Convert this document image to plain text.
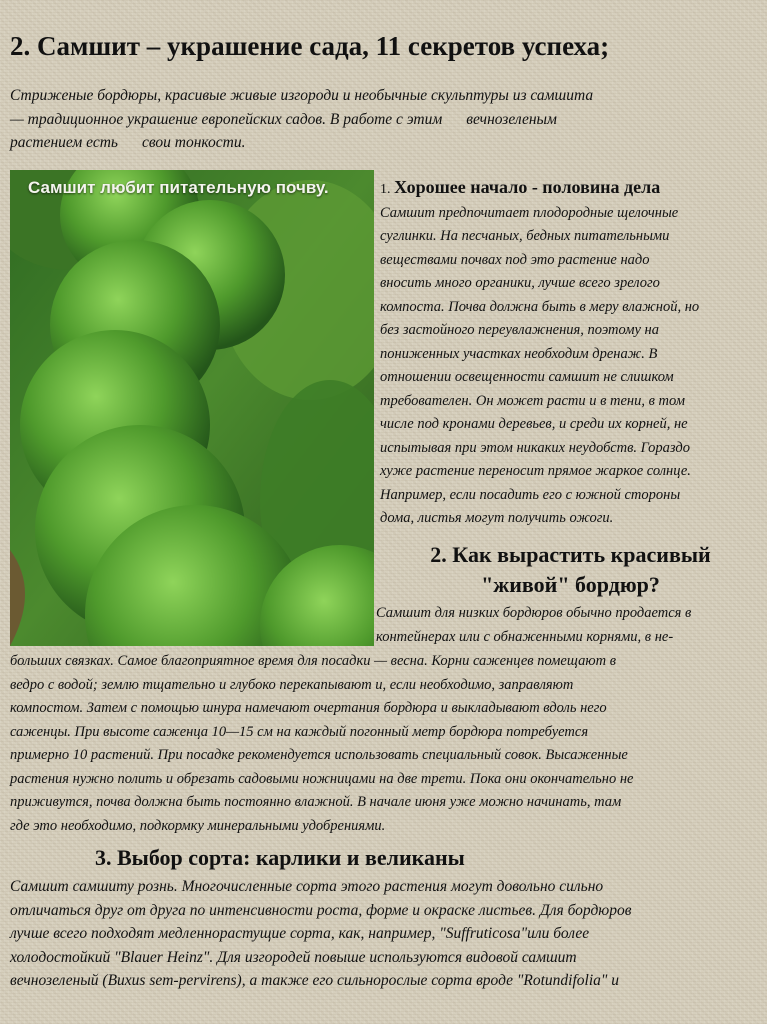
2. Самшит – украшение сада, 11 секретов успеха;
Стриженые бордюры, красивые живые изгороди и необычные скульптуры из самшита
— традиционное украшение европейских садов. В работе с этим вечнозеленым
растением есть свои тонкости.
Самшит любит питательную почву.	1. Хорошее начало - половина дела
Самшит предпочитает плодородные щелочные
суглинки. На песчаных, бедных питательными
веществами почвах под это растение надо
вносить много органики, лучше всего зрелого
компоста. Почва должна быть в меру влажной, но
без застойного переувлажнения, поэтому на
пониженных участках необходим дренаж. В
отношении освещенности самшит не слишком
требователен. Он может расти и в тени, в том
числе под кронами деревьев, и среди их корней, не
испытывая при этом никаких неудобств. Гораздо
хуже растение переносит прямое жаркое солнце.
Например, если посадить его с южной стороны
дома, листья могут получить ожоги.
2. Как вырастить красивый
"живой" бордюр?
Самшит для низких бордюров обычно продается в
контейнерах или с обнаженными корнями, в не-
больших связках. Самое благоприятное время для посадки — весна. Корни саженцев помещают в
ведро с водой; землю тщательно и глубоко перекапывают и, если необходимо, заправляют
компостом. Затем с помощью шнура намечают очертания бордюра и выкладывают вдоль него
саженцы. При высоте саженца 10—15 см на каждый погонный метр бордюра потребуется
примерно 10 растений. При посадке рекомендуется использовать специальный совок. Высаженные
растения нужно полить и обрезать садовыми ножницами на две трети. Пока они окончательно не
приживутся, почва должна быть постоянно влажной. В начале июня уже можно начинать, там
где это необходимо, подкормку минеральными удобрениями.
3. Выбор сорта: карлики и великаны
Самшит самшиту рознь. Многочисленные сорта этого растения могут довольно сильно
отличаться друг от друга по интенсивности роста, форме и окраске листьев. Для бордюров
лучше всего подходят медленнорастущие сорта, как, например, "Suffruticosa"или более
холодостойкий "Blauer Heinz". Для изгородей повыше используются видовой самшит
вечнозеленый (Buxus sem-pervirens), а также его сильнорослые сорта вроде "Rotundifolia" и
